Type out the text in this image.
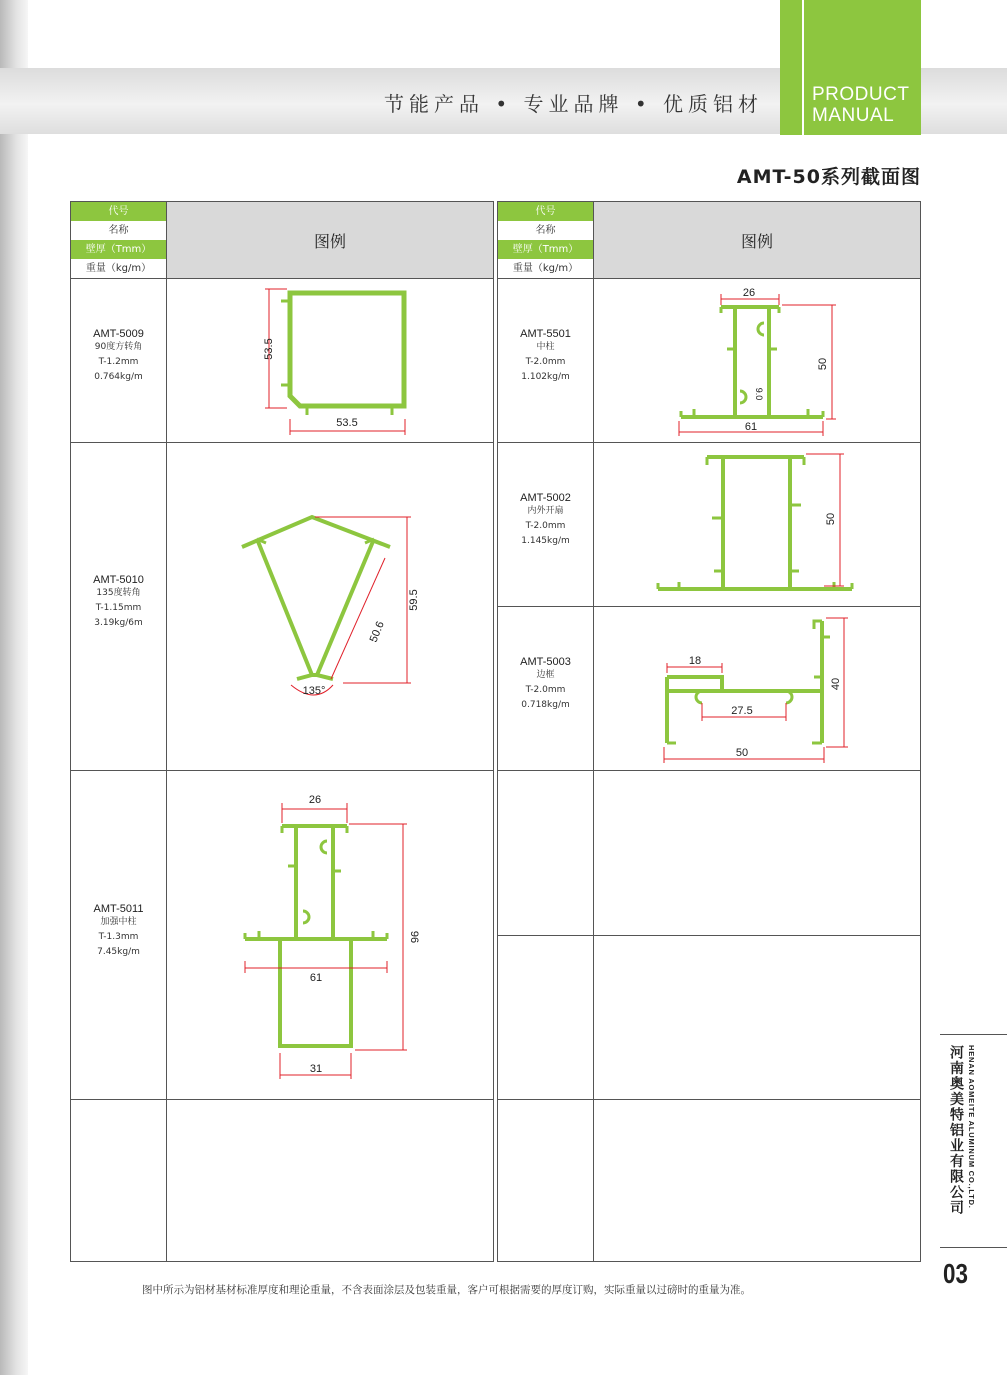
节能产品 • 专业品牌 • 优质铝材	PRODUCT
MANUAL
AMT-50系列截面图
代号
名称
壁厚（Tmm）
重量（kg/m）
图例
AMT-5009
90度方转角
T-1.2mm
0.764kg/m
53.5
53.5
AMT-5010
135度转角
T-1.15mm
3.19kg/6m
59.5
50.6
135°
AMT-5011
加强中柱
T-1.3mm
7.45kg/m
26
96
61
31
代号
名称
壁厚（Tmm）
重量（kg/m）
图例
AMT-5501
中柱
T-2.0mm
1.102kg/m
26
50
9.0
61
AMT-5002
内外开扇
T-2.0mm
1.145kg/m
50
AMT-5003
边框
T-2.0mm
0.718kg/m
18
40
27.5
50
图中所示为铝材基材标准厚度和理论重量，不含表面涂层及包装重量，客户可根据需要的厚度订购，实际重量以过磅时的重量为准。
河南奥美特铝业有限公司 HENAN AOMEITE ALUMINUM CO.,LTD.
03
